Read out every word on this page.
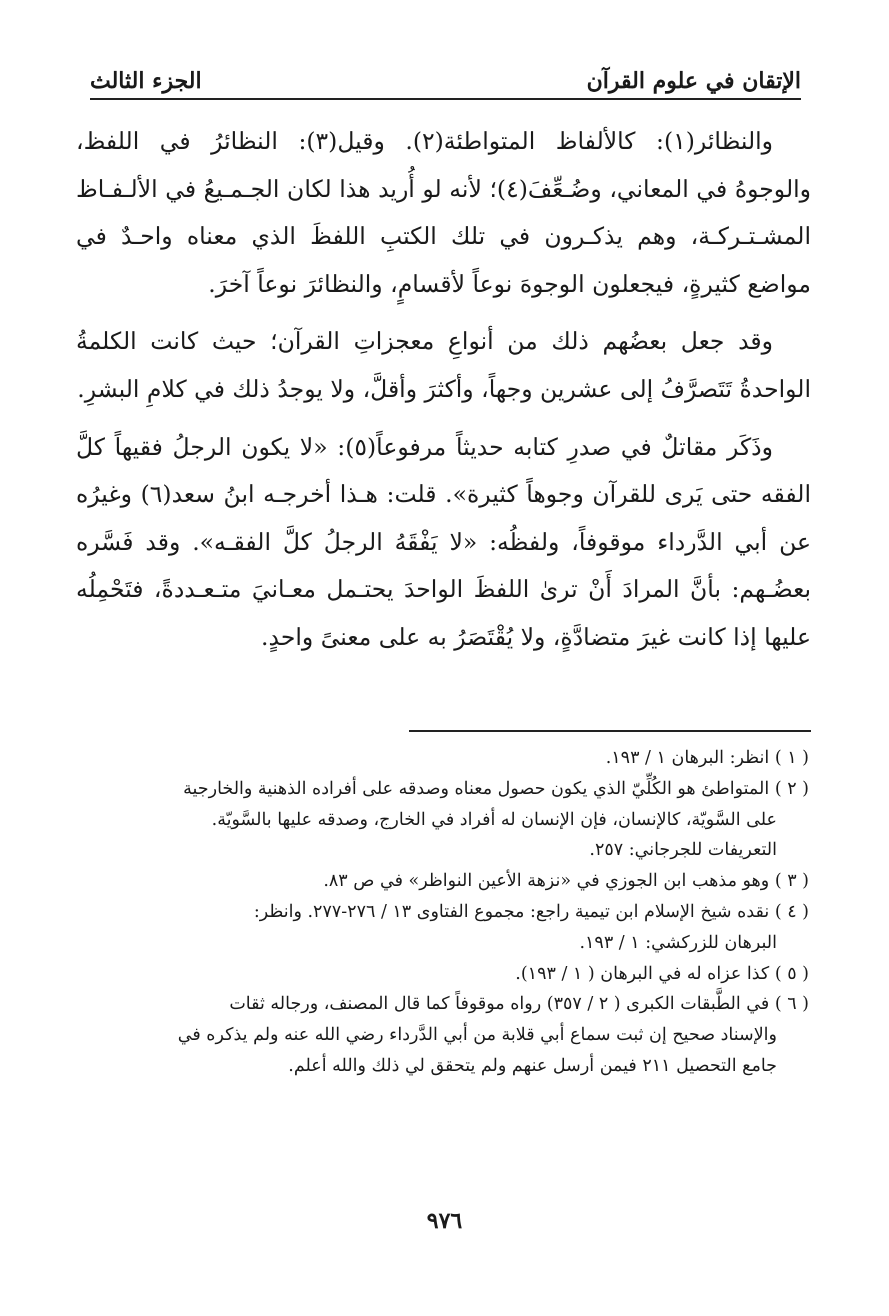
الإتقان في علوم القرآن
الجزء الثالث

والنظائر(١): كالألفاظ المتواطئة(٢). وقيل(٣): النظائرُ في اللفظ، والوجوهُ في المعاني، وضُـعِّفَ(٤)؛ لأنه لو أُريد هذا لكان الجـمـيعُ في الألـفـاظ المشـتـركـة، وهم يذكـرون في تلك الكتبِ اللفظَ الذي معناه واحـدٌ في مواضع كثيرةٍ، فيجعلون الوجوهَ نوعاً لأقسامٍ، والنظائرَ نوعاً آخرَ.

وقد جعل بعضُهم ذلك من أنواعِ معجزاتِ القرآن؛ حيث كانت الكلمةُ الواحدةُ تَتَصرَّفُ إلى عشرين وجهاً، وأكثرَ وأقلَّ، ولا يوجدُ ذلك في كلامِ البشرِ.

وذَكَر مقاتلٌ في صدرِ كتابه حديثاً مرفوعاً(٥): «لا يكون الرجلُ فقيهاً كلَّ الفقه حتى يَرى للقرآن وجوهاً كثيرة». قلت: هـذا أخرجـه ابنُ سعد(٦) وغيرُه عن أبي الدَّرداء موقوفاً، ولفظُه: «لا يَفْقَهُ الرجلُ كلَّ الفقـه». وقد فَسَّره بعضُـهم: بأنَّ المرادَ أَنْ ترىٰ اللفظَ الواحدَ يحتـمل معـانيَ متـعـددةً، فتَحْمِلُه عليها إذا كانت غيرَ متضادَّةٍ، ولا يُقْتَصَرُ به على معنىً واحدٍ.

( ١ ) انظر: البرهان ١ / ١٩٣.

( ٢ ) المتواطئ هو الكُلِّيّ الذي يكون حصول معناه وصدقه على أفراده الذهنية والخارجية
على السَّويّة، كالإنسان، فإن الإنسان له أفراد في الخارج، وصدقه عليها بالسَّويّة.
التعريفات للجرجاني: ٢٥٧.

( ٣ ) وهو مذهب ابن الجوزي في «نزهة الأعين النواظر» في ص ٨٣.

( ٤ ) نقده شيخ الإسلام ابن تيمية راجع: مجموع الفتاوى ١٣ / ٢٧٦-٢٧٧. وانظر:
البرهان للزركشي: ١ / ١٩٣.

( ٥ ) كذا عزاه له في البرهان ( ١ / ١٩٣).

( ٦ ) في الطَّبقات الكبرى ( ٢ / ٣٥٧) رواه موقوفاً كما قال المصنف، ورجاله ثقات
والإسناد صحيح إن ثبت سماع أبي قلابة من أبي الدَّرداء رضي الله عنه ولم يذكره في
جامع التحصيل ٢١١ فيمن أرسل عنهم ولم يتحقق لي ذلك والله أعلم.

٩٧٦
